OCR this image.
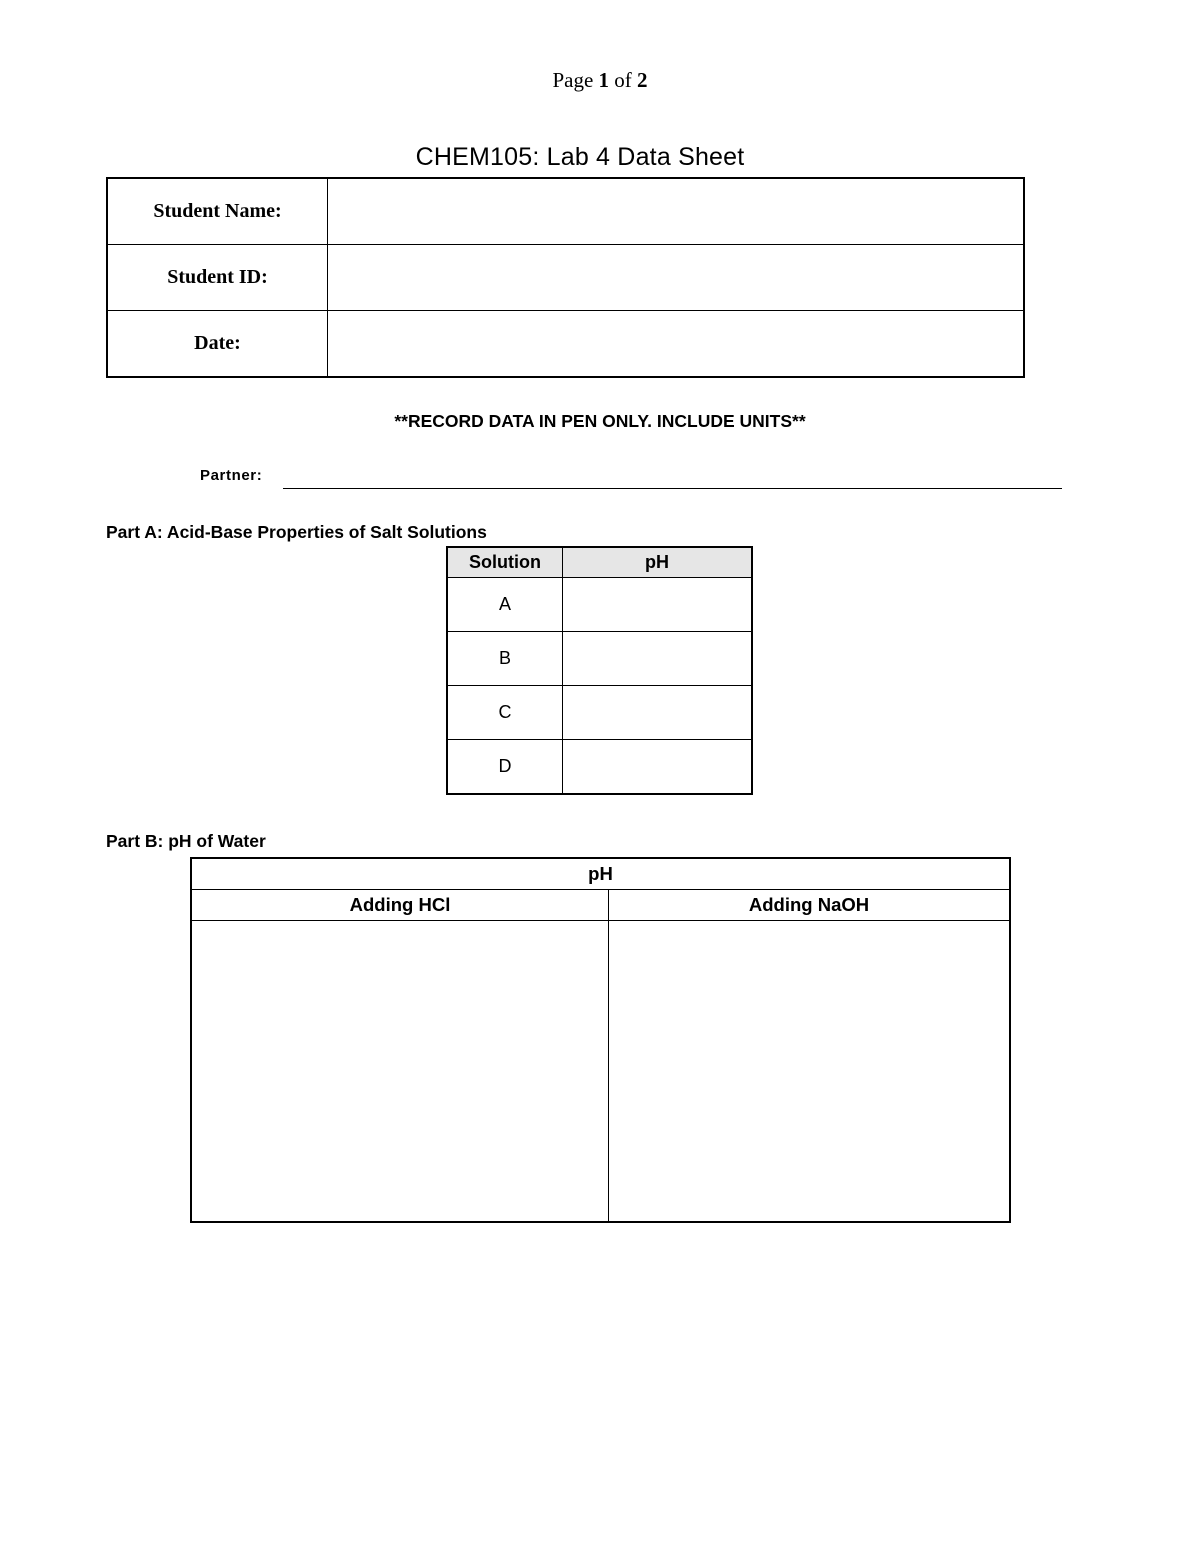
Page 1 of 2
CHEM105: Lab 4 Data Sheet
Student Name:	
Student ID:	
Date:	
**RECORD DATA IN PEN ONLY. INCLUDE UNITS**
Partner:
Part A: Acid-Base Properties of Salt Solutions
Solution	pH
A	
B	
C	
D	
Part B: pH of Water
pH	
Adding HCl	Adding NaOH
